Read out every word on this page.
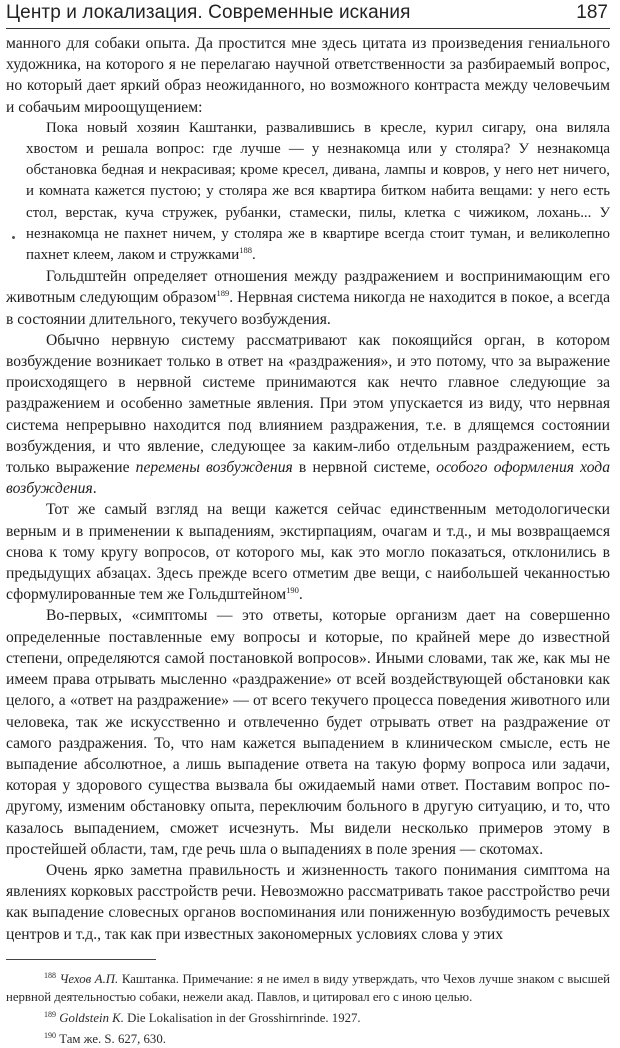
Центр и локализация. Современные искания	187

манного для собаки опыта. Да простится мне здесь цитата из произведения гениального художника, на которого я не перелагаю научной ответственности за разбираемый вопрос, но который дает яркий образ неожиданного, но возможного контраста между человечьим и собачьим мироощущением:

Пока новый хозяин Каштанки, развалившись в кресле, курил сигару, она виляла хвостом и решала вопрос: где лучше — у незнакомца или у столяра? У незнакомца обстановка бедная и некрасивая; кроме кресел, дивана, лампы и ковров, у него нет ничего, и комната кажется пустою; у столяра же вся квартира битком набита вещами: у него есть стол, верстак, куча стружек, рубанки, стамески, пилы, клетка с чижиком, лохань... У незнакомца не пахнет ничем, у столяра же в квартире всегда стоит туман, и великолепно пахнет клеем, лаком и стружками$^{188}$.

Гольдштейн определяет отношения между раздражением и воспринимающим его животным следующим образом$^{189}$. Нервная система никогда не находится в покое, а всегда в состоянии длительного, текучего возбуждения.

Обычно нервную систему рассматривают как покоящийся орган, в котором возбуждение возникает только в ответ на «раздражения», и это потому, что за выражение происходящего в нервной системе принимаются как нечто главное следующие за раздражением и особенно заметные явления. При этом упускается из виду, что нервная система непрерывно находится под влиянием раздражения, т.е. в длящемся состоянии возбуждения, и что явление, следующее за каким-либо отдельным раздражением, есть только выражение перемены возбуждения в нервной системе, особого оформления хода возбуждения.

Тот же самый взгляд на вещи кажется сейчас единственным методологически верным и в применении к выпадениям, экстирпациям, очагам и т.д., и мы возвращаемся снова к тому кругу вопросов, от которого мы, как это могло показаться, отклонились в предыдущих абзацах. Здесь прежде всего отметим две вещи, с наибольшей чеканностью сформулированные тем же Гольдштейном$^{190}$.

Во-первых, «симптомы — это ответы, которые организм дает на совершенно определенные поставленные ему вопросы и которые, по крайней мере до известной степени, определяются самой постановкой вопросов». Иными словами, так же, как мы не имеем права отрывать мысленно «раздражение» от всей воздействующей обстановки как целого, а «ответ на раздражение» — от всего текучего процесса поведения животного или человека, так же искусственно и отвлеченно будет отрывать ответ на раздражение от самого раздражения. То, что нам кажется выпадением в клиническом смысле, есть не выпадение абсолютное, а лишь выпадение ответа на такую форму вопроса или задачи, которая у здорового существа вызвала бы ожидаемый нами ответ. Поставим вопрос по-другому, изменим обстановку опыта, переключим больного в другую ситуацию, и то, что казалось выпадением, сможет исчезнуть. Мы видели несколько примеров этому в простейшей области, там, где речь шла о выпадениях в поле зрения — скотомах.

Очень ярко заметна правильность и жизненность такого понимания симптома на явлениях корковых расстройств речи. Невозможно рассматривать такое расстройство речи как выпадение словесных органов воспоминания или пониженную возбудимость речевых центров и т.д., так как при известных закономерных условиях слова у этих

$^{188}$ Чехов А.П. Каштанка. Примечание: я не имел в виду утверждать, что Чехов лучше знаком с высшей нервной деятельностью собаки, нежели акад. Павлов, и цитировал его с иною целью.

$^{189}$ Goldstein K. Die Lokalisation in der Grosshirnrinde. 1927.

$^{190}$ Там же. S. 627, 630.
